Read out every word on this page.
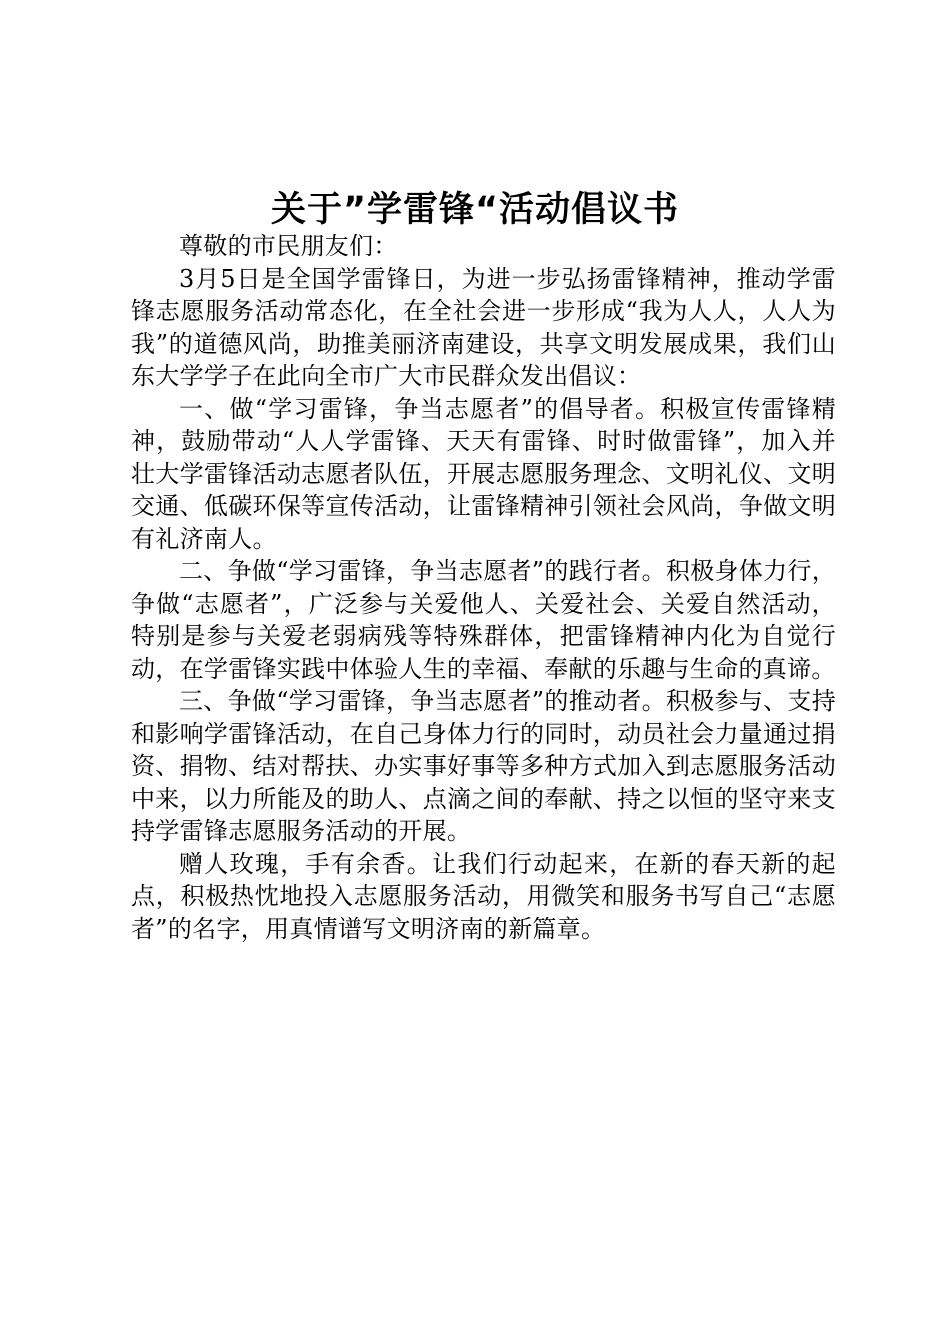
关于”学雷锋“活动倡议书

尊敬的市民朋友们：

3月5日是全国学雷锋日，为进一步弘扬雷锋精神，推动学雷锋志愿服务活动常态化，在全社会进一步形成“我为人人，人人为我”的道德风尚，助推美丽济南建设，共享文明发展成果，我们山东大学学子在此向全市广大市民群众发出倡议：

一、做“学习雷锋，争当志愿者”的倡导者。积极宣传雷锋精神，鼓励带动“人人学雷锋、天天有雷锋、时时做雷锋”，加入并壮大学雷锋活动志愿者队伍，开展志愿服务理念、文明礼仪、文明交通、低碳环保等宣传活动，让雷锋精神引领社会风尚，争做文明有礼济南人。

二、争做“学习雷锋，争当志愿者”的践行者。积极身体力行，争做“志愿者”，广泛参与关爱他人、关爱社会、关爱自然活动，特别是参与关爱老弱病残等特殊群体，把雷锋精神内化为自觉行动，在学雷锋实践中体验人生的幸福、奉献的乐趣与生命的真谛。

三、争做“学习雷锋，争当志愿者”的推动者。积极参与、支持和影响学雷锋活动，在自己身体力行的同时，动员社会力量通过捐资、捐物、结对帮扶、办实事好事等多种方式加入到志愿服务活动中来，以力所能及的助人、点滴之间的奉献、持之以恒的坚守来支持学雷锋志愿服务活动的开展。

赠人玫瑰，手有余香。让我们行动起来，在新的春天新的起点，积极热忱地投入志愿服务活动，用微笑和服务书写自己“志愿者”的名字，用真情谱写文明济南的新篇章。
